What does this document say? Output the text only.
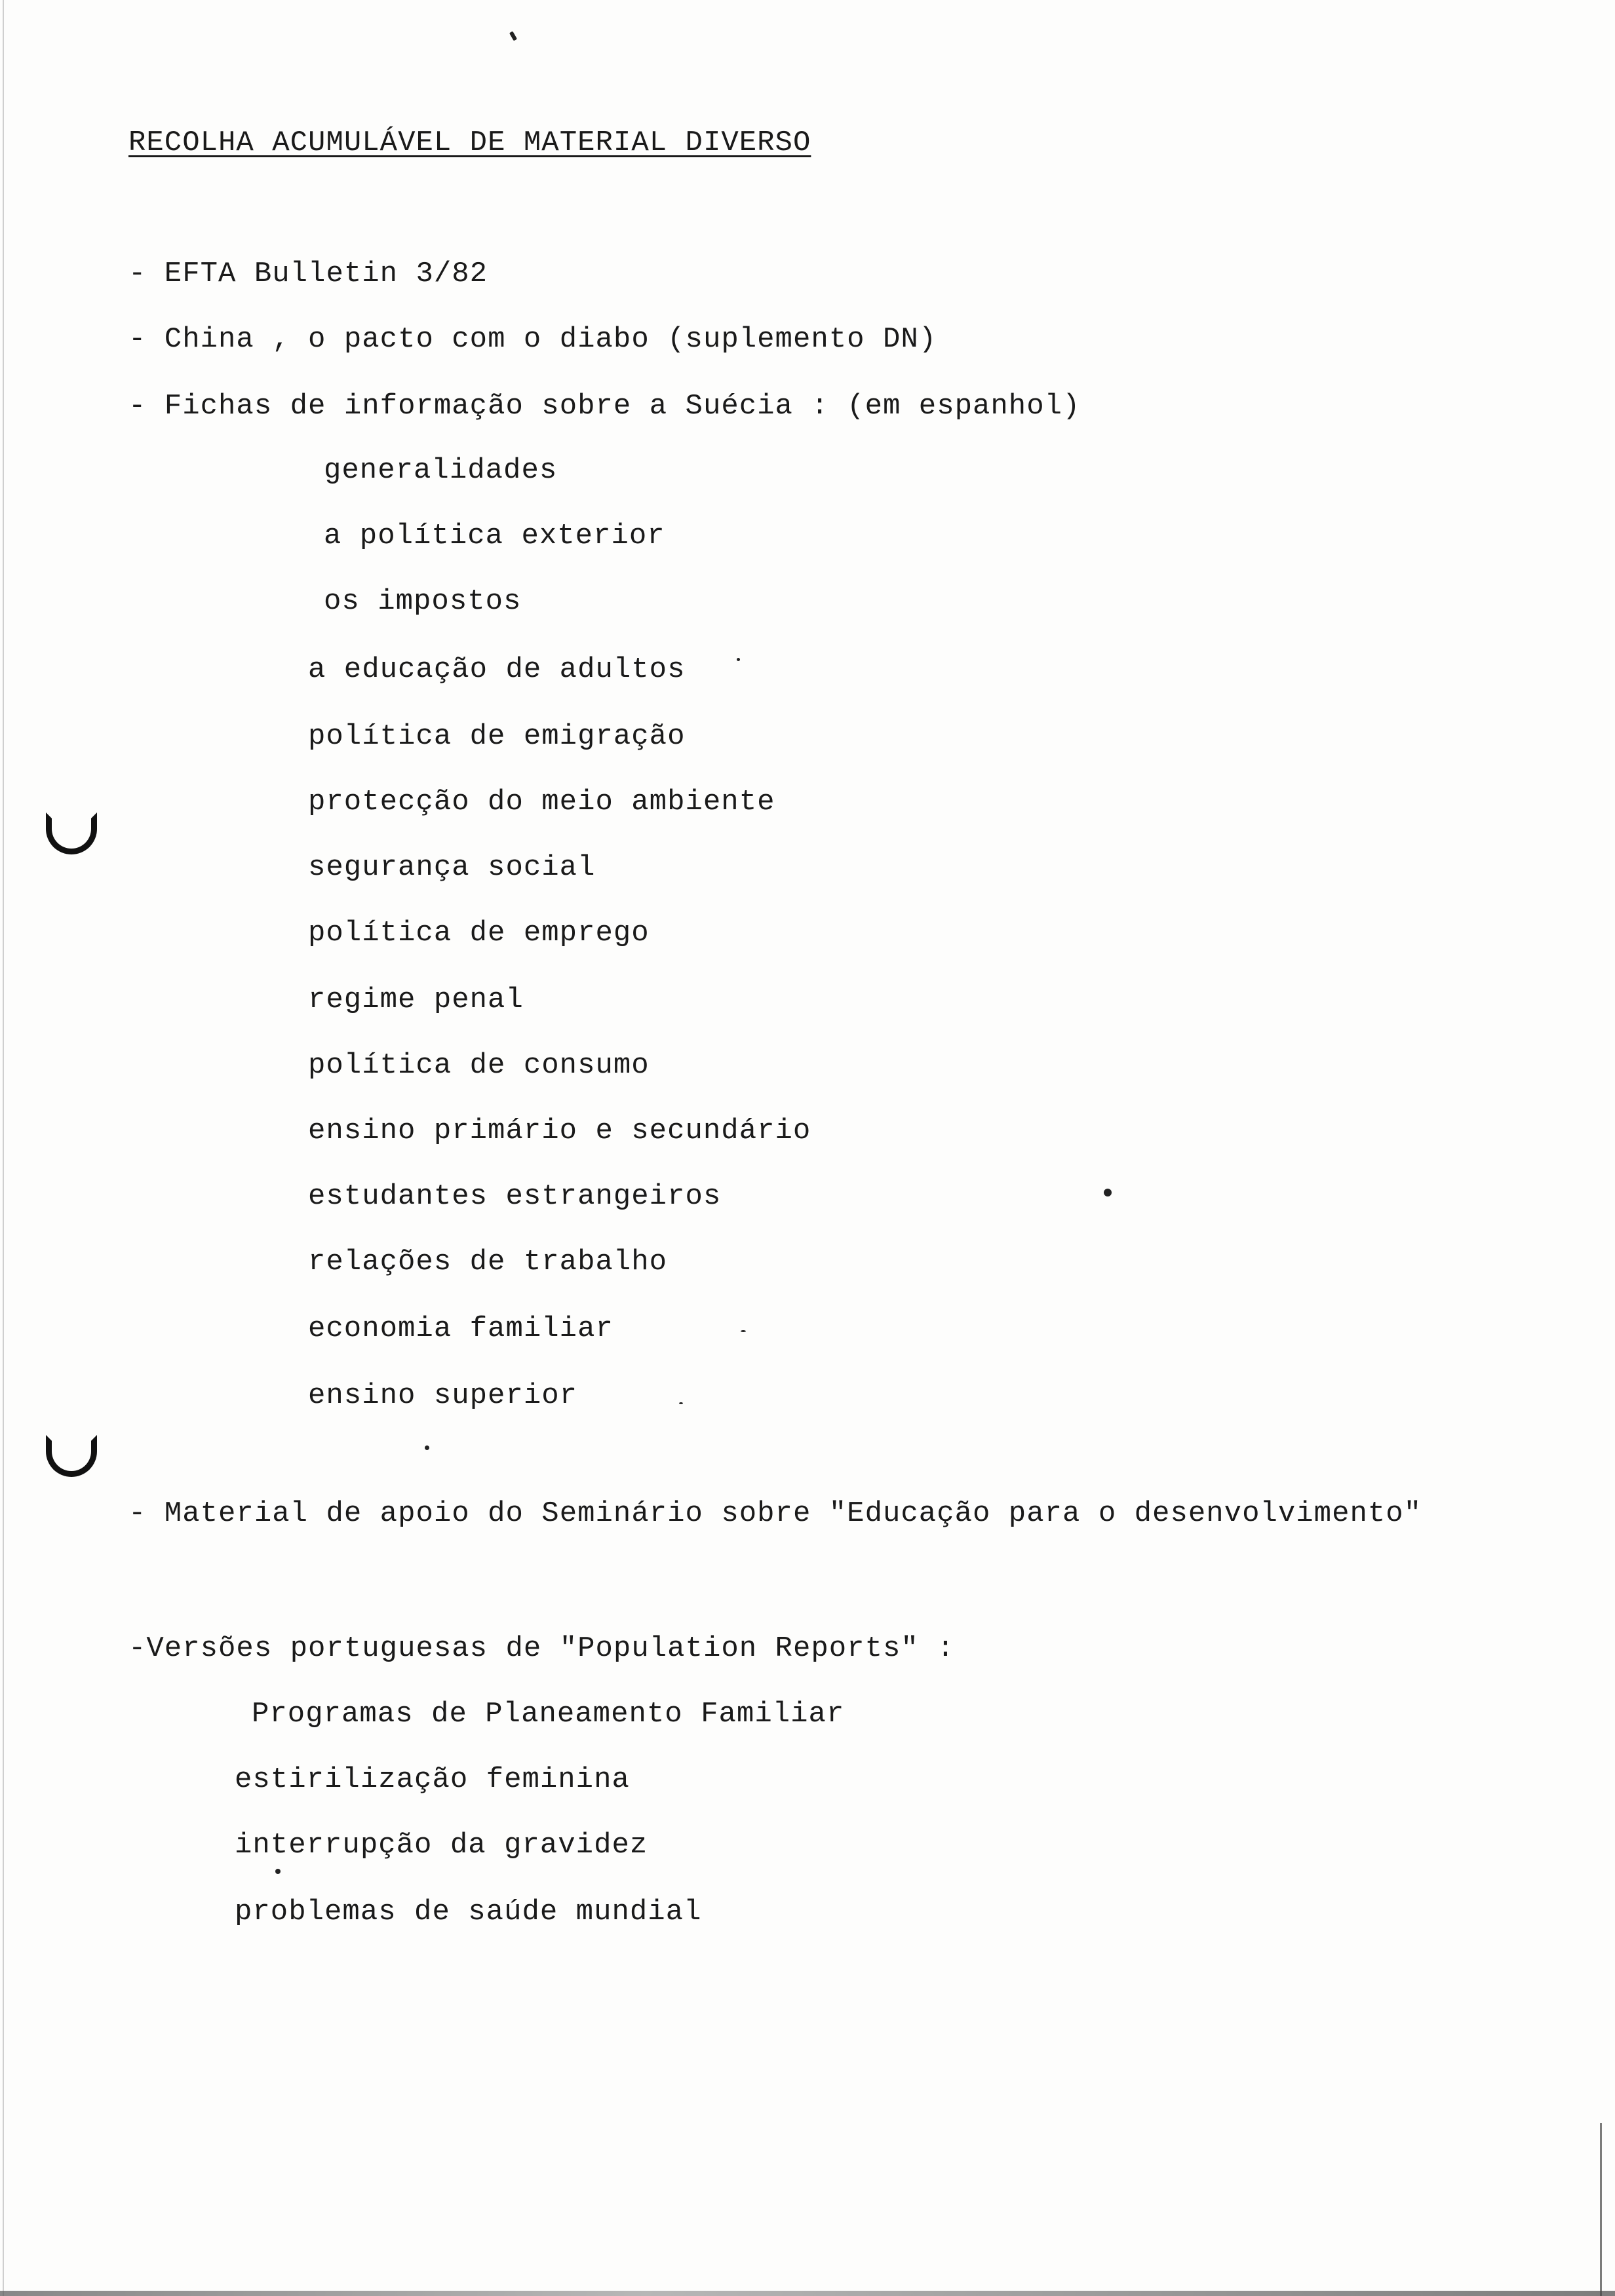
RECOLHA ACUMULÁVEL DE MATERIAL DIVERSO
- EFTA Bulletin 3/82
- China , o pacto com o diabo (suplemento DN)
- Fichas de informação sobre a Suécia : (em espanhol)
generalidades
a política exterior
os impostos
a educação de adultos
política de emigração
protecção do meio ambiente
segurança social
política de emprego
regime penal
política de consumo
ensino primário e secundário
estudantes estrangeiros
relações de trabalho
economia familiar
ensino superior
- Material de apoio do Seminário sobre "Educação para o desenvolvimento"
-Versões portuguesas de "Population Reports" :
Programas de Planeamento Familiar
estirilização feminina
interrupção da gravidez
problemas de saúde mundial
